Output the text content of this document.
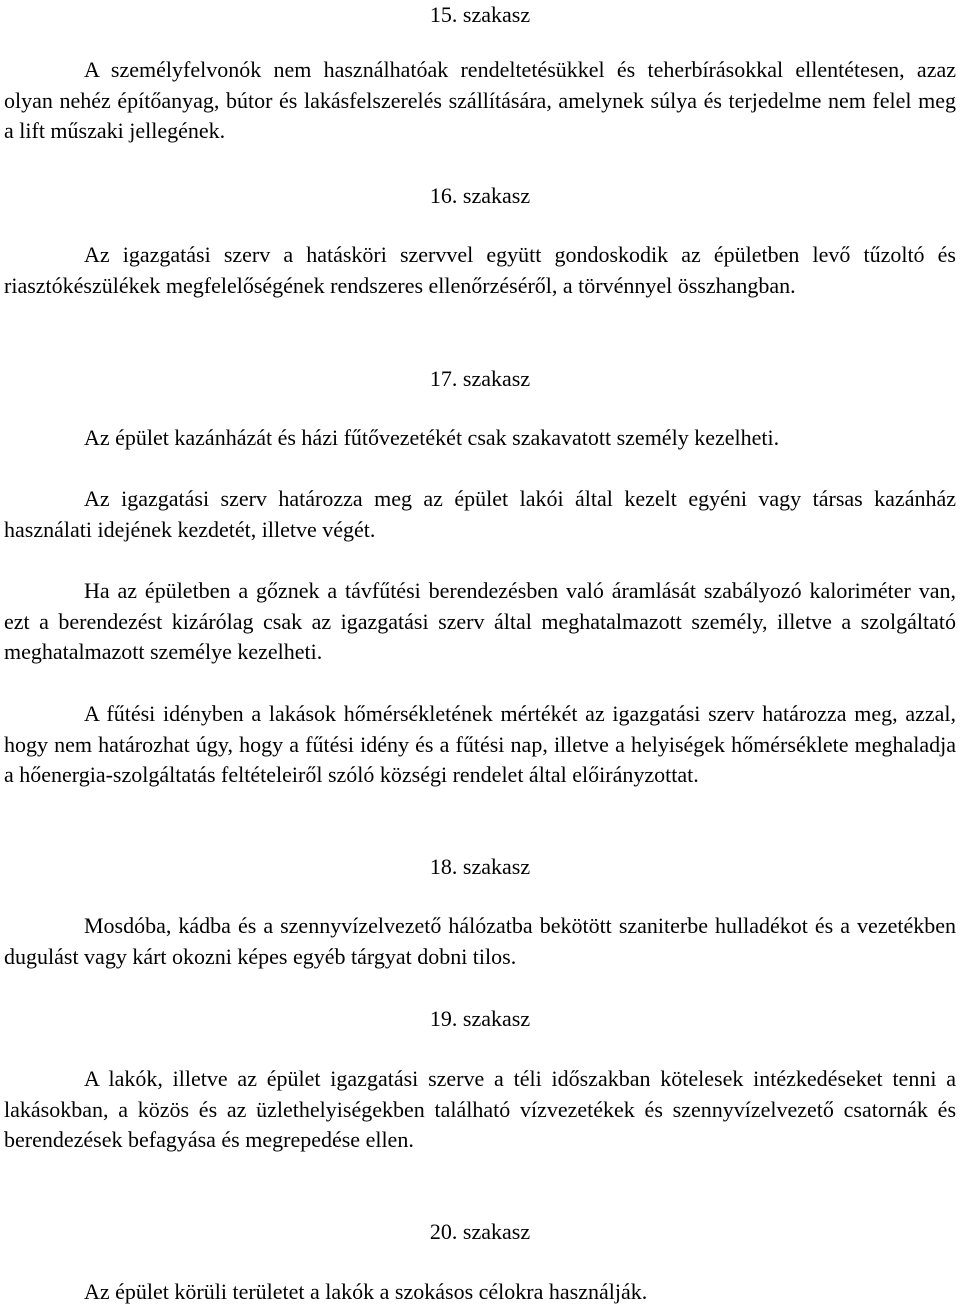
15. szakasz
A személyfelvonók nem használhatóak rendeltetésükkel és teherbírásokkal ellentétesen, azaz olyan nehéz építőanyag, bútor és lakásfelszerelés szállítására, amelynek súlya és terjedelme nem felel meg a lift műszaki jellegének.
16. szakasz
Az igazgatási szerv a hatásköri szervvel együtt gondoskodik az épületben levő tűzoltó és riasztókészülékek megfelelőségének rendszeres ellenőrzéséről, a törvénnyel összhangban.
17. szakasz
Az épület kazánházát és házi fűtővezetékét csak szakavatott személy kezelheti.
Az igazgatási szerv határozza meg az épület lakói által kezelt egyéni vagy társas kazánház használati idejének kezdetét, illetve végét.
Ha az épületben a gőznek a távfűtési berendezésben való áramlását szabályozó kaloriméter van, ezt a berendezést kizárólag csak az igazgatási szerv által meghatalmazott személy, illetve a szolgáltató meghatalmazott személye kezelheti.
A fűtési idényben a lakások hőmérsékletének mértékét az igazgatási szerv határozza meg, azzal, hogy nem határozhat úgy, hogy a fűtési idény és a fűtési nap, illetve a helyiségek hőmérséklete meghaladja a hőenergia-szolgáltatás feltételeiről szóló községi rendelet által előirányzottat.
18. szakasz
Mosdóba, kádba és a szennyvízelvezető hálózatba bekötött szaniterbe hulladékot és a vezetékben dugulást vagy kárt okozni képes egyéb tárgyat dobni tilos.
19. szakasz
A lakók, illetve az épület igazgatási szerve a téli időszakban kötelesek intézkedéseket tenni a lakásokban, a közös és az üzlethelyiségekben található vízvezetékek és szennyvízelvezető csatornák és berendezések befagyása és megrepedése ellen.
20. szakasz
Az épület körüli területet a lakók a szokásos célokra használják.
